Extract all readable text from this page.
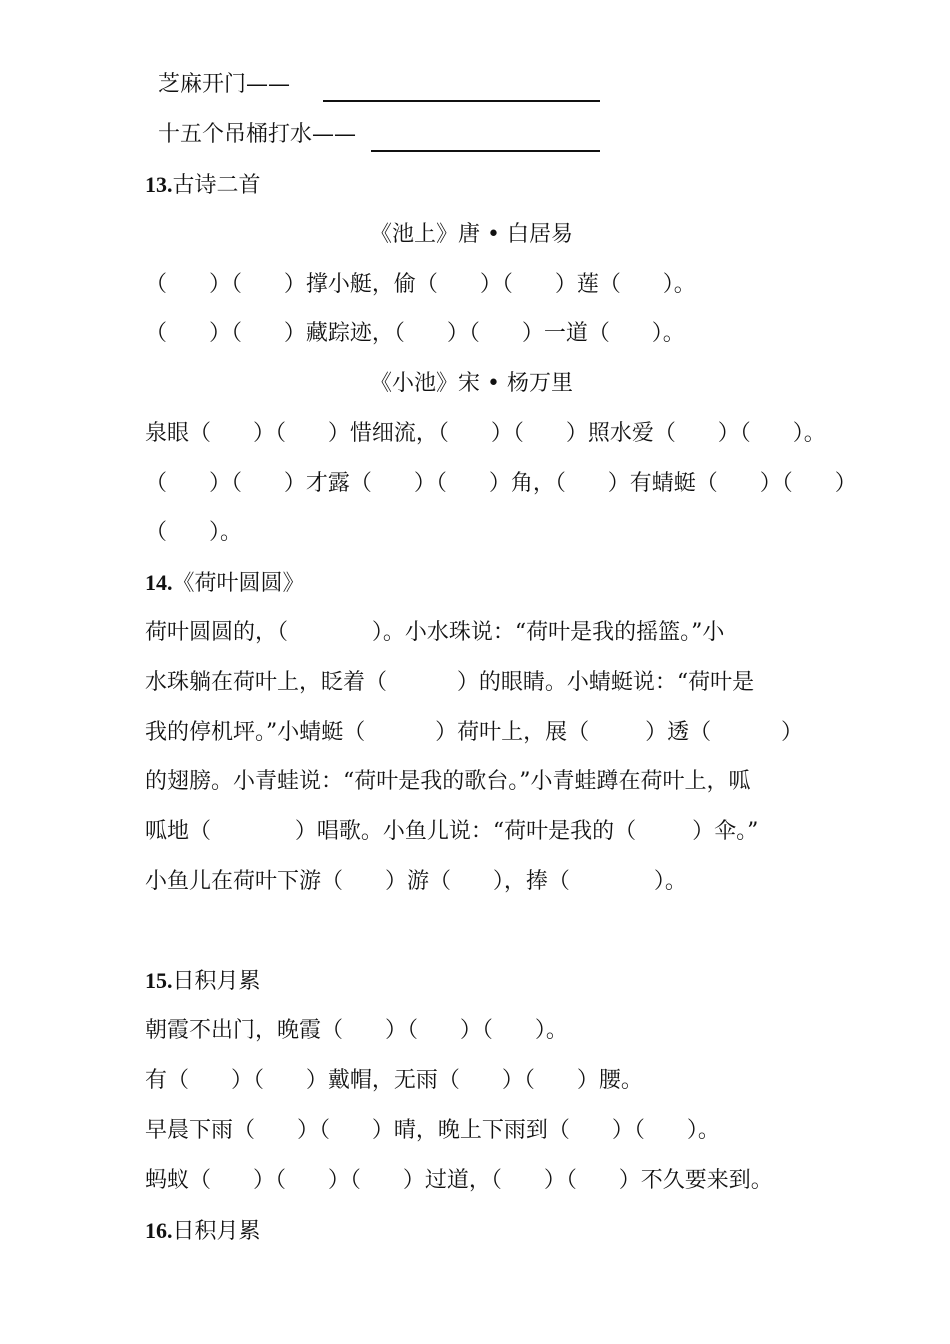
芝麻开门——
十五个吊桶打水——
13.古诗二首
《池上》唐 • 白居易
（      ）（      ）撑小艇，偷（      ）（      ）莲（      ）。
（      ）（      ）藏踪迹，（      ）（      ）一道（      ）。
《小池》宋 • 杨万里
泉眼（      ）（      ）惜细流，（      ）（      ）照水爱（      ）（      ）。
（      ）（      ）才露（      ）（      ）角，（      ）有蜻蜓（      ）（      ）
（      ）。
14.《荷叶圆圆》
荷叶圆圆的，（            ）。小水珠说：“荷叶是我的摇篮。”小
水珠躺在荷叶上，眨着（          ）的眼睛。小蜻蜓说：“荷叶是
我的停机坪。”小蜻蜓（          ）荷叶上，展（        ）透（          ）
的翅膀。小青蛙说：“荷叶是我的歌台。”小青蛙蹲在荷叶上，呱
呱地（            ）唱歌。小鱼儿说：“荷叶是我的（        ）伞。”
小鱼儿在荷叶下游（      ）游（      ），捧（            ）。
15.日积月累
朝霞不出门，晚霞（      ）（      ）（      ）。
有（      ）（      ）戴帽，无雨（      ）（      ）腰。
早晨下雨（      ）（      ）晴，晚上下雨到（      ）（      ）。
蚂蚁（      ）（      ）（      ）过道，（      ）（      ）不久要来到。
16.日积月累
